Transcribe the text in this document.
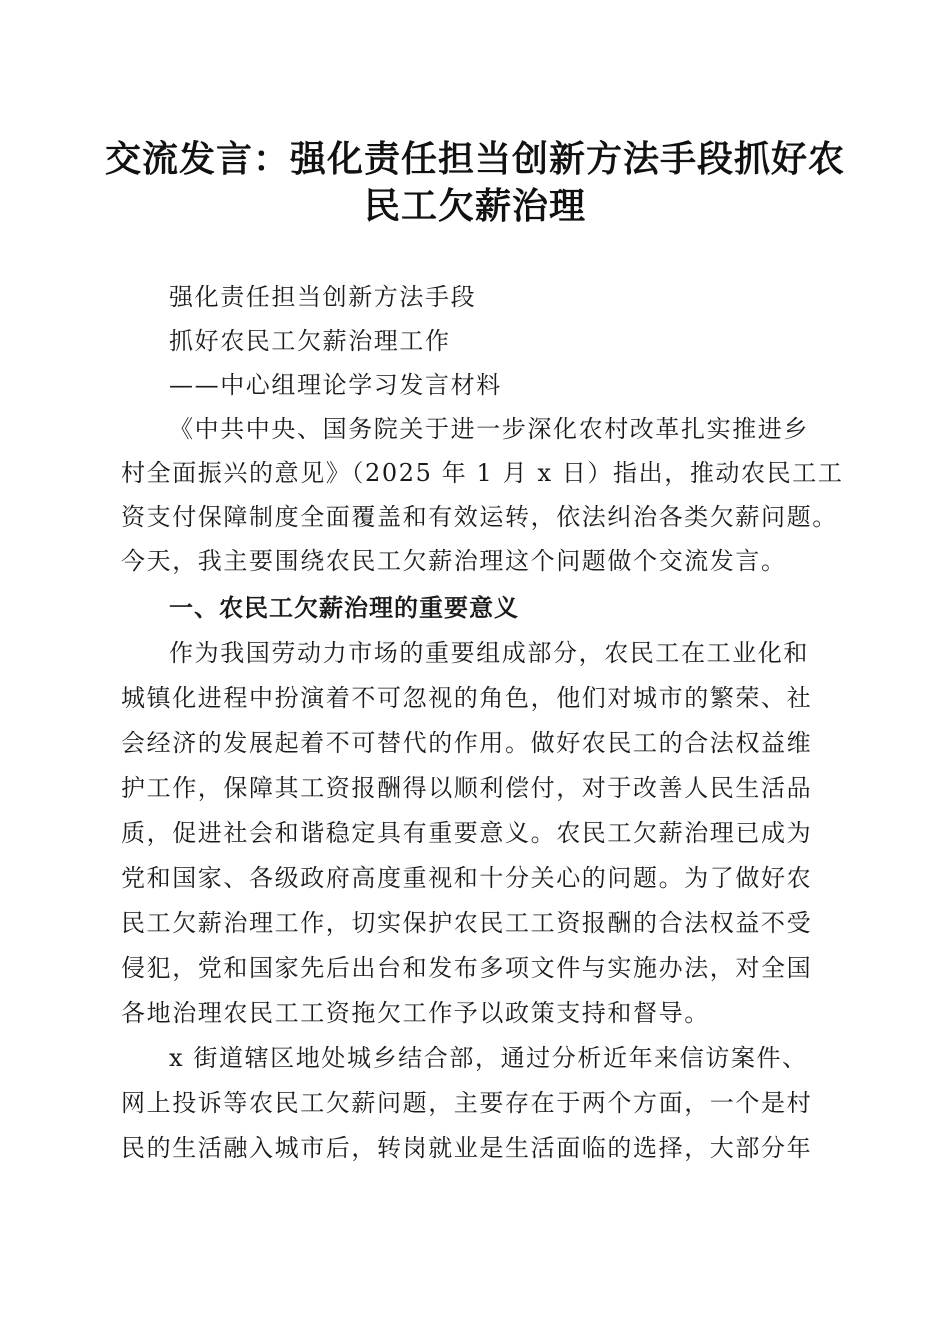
交流发言：强化责任担当创新方法手段抓好农
民工欠薪治理
强化责任担当创新方法手段
抓好农民工欠薪治理工作
——中心组理论学习发言材料
《中共中央、国务院关于进一步深化农村改革扎实推进乡
村全面振兴的意见》（2025 年 1 月 x 日）指出，推动农民工工
资支付保障制度全面覆盖和有效运转，依法纠治各类欠薪问题。
今天，我主要围绕农民工欠薪治理这个问题做个交流发言。
一、农民工欠薪治理的重要意义
作为我国劳动力市场的重要组成部分，农民工在工业化和
城镇化进程中扮演着不可忽视的角色，他们对城市的繁荣、社
会经济的发展起着不可替代的作用。做好农民工的合法权益维
护工作，保障其工资报酬得以顺利偿付，对于改善人民生活品
质，促进社会和谐稳定具有重要意义。农民工欠薪治理已成为
党和国家、各级政府高度重视和十分关心的问题。为了做好农
民工欠薪治理工作，切实保护农民工工资报酬的合法权益不受
侵犯，党和国家先后出台和发布多项文件与实施办法，对全国
各地治理农民工工资拖欠工作予以政策支持和督导。
x 街道辖区地处城乡结合部，通过分析近年来信访案件、
网上投诉等农民工欠薪问题，主要存在于两个方面，一个是村
民的生活融入城市后，转岗就业是生活面临的选择，大部分年
